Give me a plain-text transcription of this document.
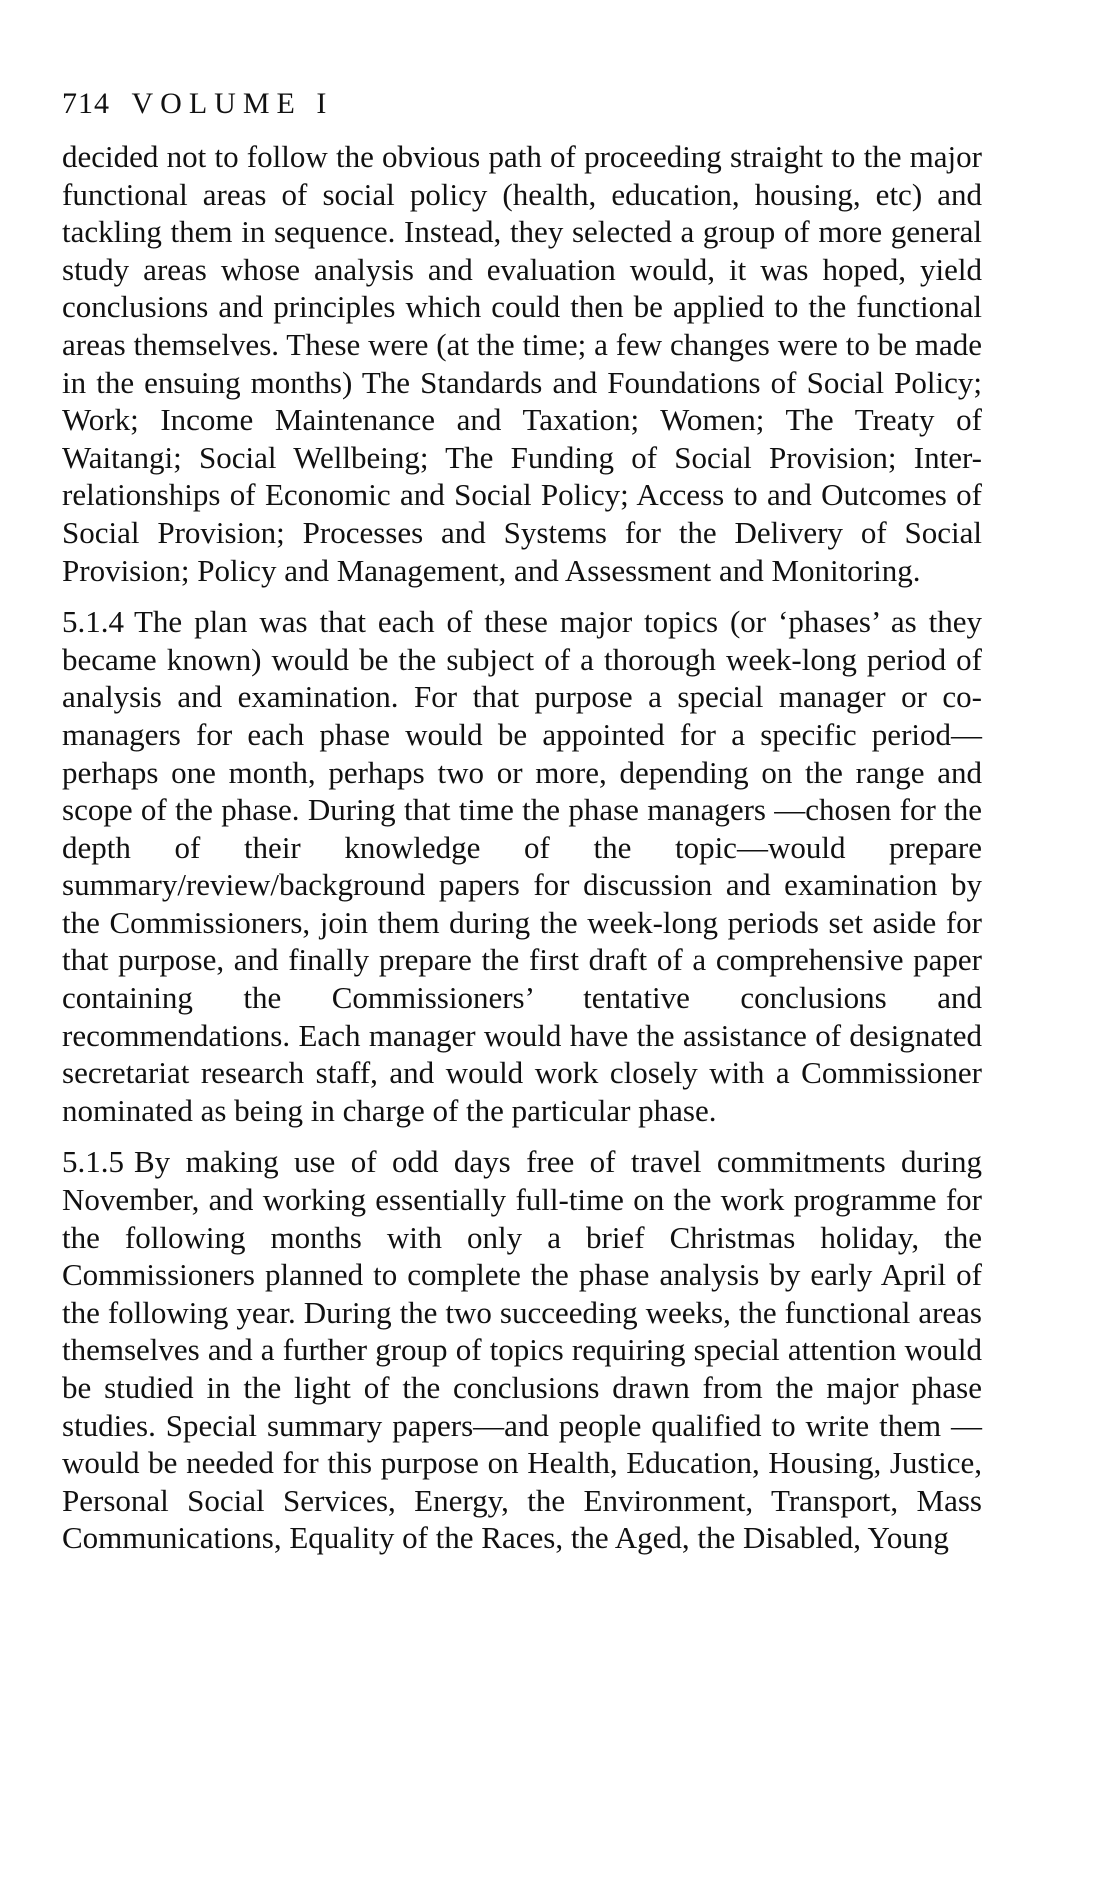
714 VOLUME I

decided not to follow the obvious path of proceeding straight to the major functional areas of social policy (health, education, housing, etc) and tackling them in sequence. Instead, they selected a group of more general study areas whose analysis and evaluation would, it was hoped, yield conclusions and principles which could then be applied to the functional areas themselves. These were (at the time; a few changes were to be made in the ensuing months) The Standards and Foundations of Social Policy; Work; Income Maintenance and Taxation; Women; The Treaty of Waitangi; Social Wellbeing; The Funding of Social Provision; Inter-relationships of Economic and Social Policy; Access to and Outcomes of Social Provision; Processes and Systems for the Delivery of Social Provision; Policy and Management, and Assessment and Monitoring.

5.1.4 The plan was that each of these major topics (or ‘phases’ as they became known) would be the subject of a thorough week-long period of analysis and examination. For that purpose a special manager or co-managers for each phase would be appointed for a specific period—perhaps one month, perhaps two or more, depending on the range and scope of the phase. During that time the phase managers —chosen for the depth of their knowledge of the topic—would prepare summary/review/background papers for discussion and examination by the Commissioners, join them during the week-long periods set aside for that purpose, and finally prepare the first draft of a comprehensive paper containing the Commissioners’ tentative conclusions and recommendations. Each manager would have the assistance of designated secretariat research staff, and would work closely with a Commissioner nominated as being in charge of the particular phase.

5.1.5 By making use of odd days free of travel commitments during November, and working essentially full-time on the work programme for the following months with only a brief Christmas holiday, the Commissioners planned to complete the phase analysis by early April of the following year. During the two succeeding weeks, the functional areas themselves and a further group of topics requiring special attention would be studied in the light of the conclusions drawn from the major phase studies. Special summary papers—and people qualified to write them —would be needed for this purpose on Health, Education, Housing, Justice, Personal Social Services, Energy, the Environment, Transport, Mass Communications, Equality of the Races, the Aged, the Disabled, Young
